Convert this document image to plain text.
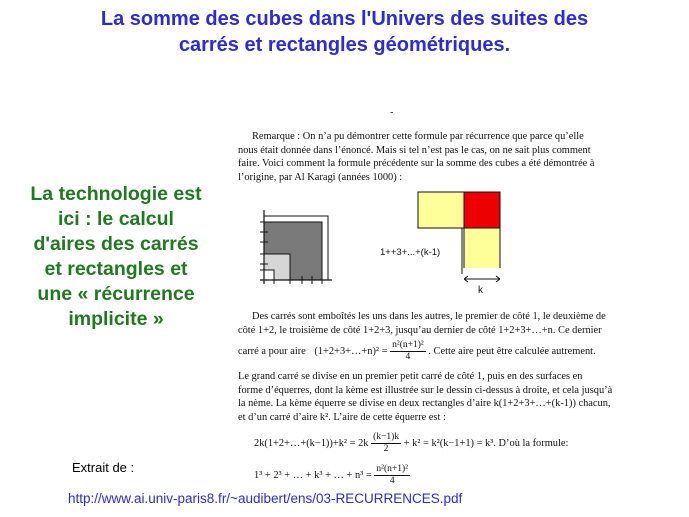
La somme des cubes dans l'Univers des suites des
carrés et rectangles géométriques.
La technologie est
ici : le calcul
d'aires des carrés
et rectangles et
une « récurrence
implicite »
-
Remarque : On n’a pu démontrer cette formule par récurrence que parce qu’elle
nous était donnée dans l’énoncé. Mais si tel n’est pas le cas, on ne sait plus comment
faire. Voici comment la formule précédente sur la somme des cubes a été démontrée à
l’origine, par Al Karagi (années 1000) :
1++3+...+(k-1)
k
Des carrés sont emboîtés les uns dans les autres, le premier de côté 1, le deuxième de
côté 1+2, le troisième de côté 1+2+3, jusqu’au dernier de côté 1+2+3+…+n. Ce dernier
carré a pour aire (1+2+3+…+n)² = $\frac{\text{n²(n+1)²}}{4}$ . Cette aire peut être calculée autrement.
Le grand carré se divise en un premier petit carré de côté 1, puis en des surfaces en
forme d’équerres, dont la kème est illustrée sur le dessin ci-dessus à droite, et cela jusqu’à
la nème. La kème équerre se divise en deux rectangles d’aire k(1+2+3+…+(k-1)) chacun,
et d’un carré d’aire k². L’aire de cette équerre est :
2k(1+2+…+(k−1))+k² = $2k \frac{(k-1)k}{2} + k^2 = k^2(k-1+1) = k^3$. D’où la formule:
1³ + 2³ + … + k³ + … + $n^3 = \frac{\text{n²(n+1)²}}{4}$
Extrait de :
http://www.ai.univ-paris8.fr/~audibert/ens/03-RECURRENCES.pdf
